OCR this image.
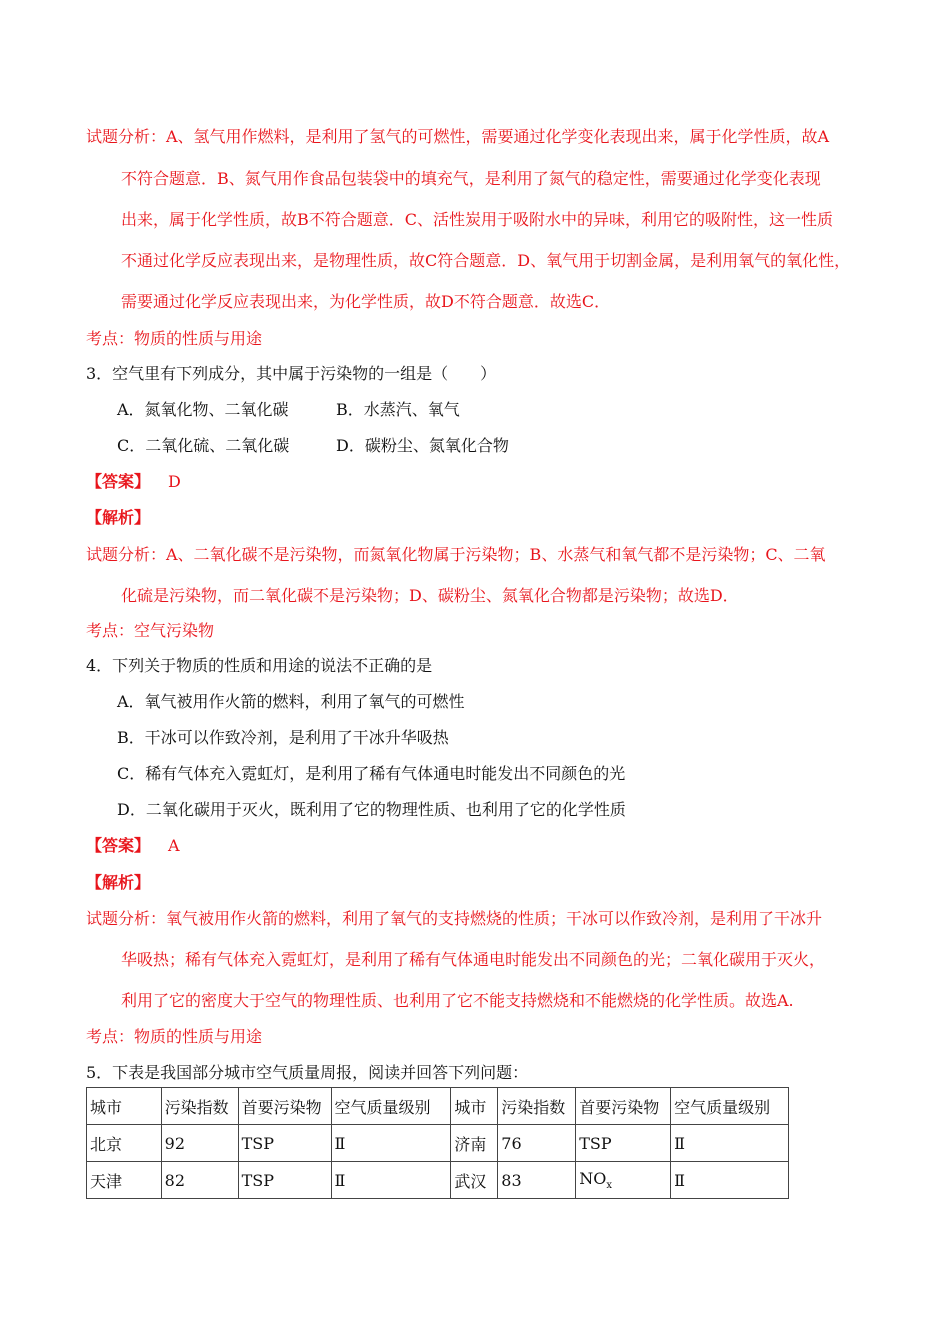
试题分析：A、氢气用作燃料，是利用了氢气的可燃性，需要通过化学变化表现出来，属于化学性质，故A
不符合题意．B、氮气用作食品包装袋中的填充气，是利用了氮气的稳定性，需要通过化学变化表现
出来，属于化学性质，故B不符合题意．C、活性炭用于吸附水中的异味，利用它的吸附性，这一性质
不通过化学反应表现出来，是物理性质，故C符合题意．D、氧气用于切割金属，是利用氧气的氧化性，
需要通过化学反应表现出来，为化学性质，故D不符合题意．故选C．
考点：物质的性质与用途
3．空气里有下列成分，其中属于污染物的一组是（　　）
A．氮氧化物、二氧化碳	B．水蒸汽、氧气
C．二氧化硫、二氧化碳	D．碳粉尘、氮氧化合物
【答案】 D
【解析】
试题分析：A、二氧化碳不是污染物，而氮氧化物属于污染物；B、水蒸气和氧气都不是污染物；C、二氧
化硫是污染物，而二氧化碳不是污染物；D、碳粉尘、氮氧化合物都是污染物；故选D．
考点：空气污染物
4．下列关于物质的性质和用途的说法不正确的是
A．氧气被用作火箭的燃料，利用了氧气的可燃性
B．干冰可以作致冷剂，是利用了干冰升华吸热
C．稀有气体充入霓虹灯，是利用了稀有气体通电时能发出不同颜色的光
D．二氧化碳用于灭火，既利用了它的物理性质、也利用了它的化学性质
【答案】 A
【解析】
试题分析：氧气被用作火箭的燃料，利用了氧气的支持燃烧的性质；干冰可以作致冷剂，是利用了干冰升
华吸热；稀有气体充入霓虹灯，是利用了稀有气体通电时能发出不同颜色的光；二氧化碳用于灭火，
利用了它的密度大于空气的物理性质、也利用了它不能支持燃烧和不能燃烧的化学性质。故选A.
考点：物质的性质与用途
5．下表是我国部分城市空气质量周报，阅读并回答下列问题：
城市	污染指数	首要污染物	空气质量级别	城市	污染指数	首要污染物	空气质量级别
北京	92	TSP	Ⅱ	济南	76	TSP	Ⅱ
天津	82	TSP	Ⅱ	武汉	83	$NO_x$	Ⅱ
